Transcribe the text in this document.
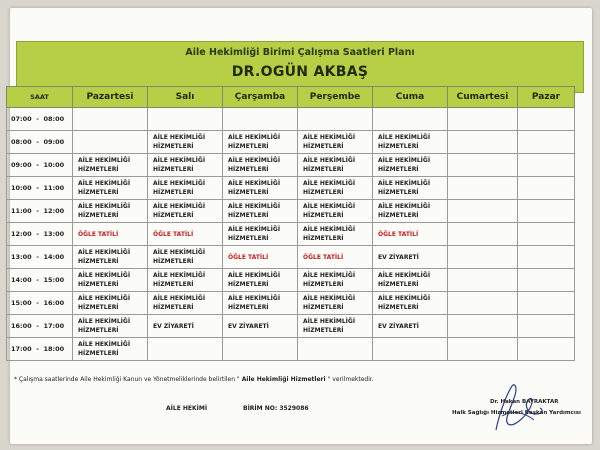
Aile Hekimliği Birimi Çalışma Saatleri Planı
DR.OGÜN AKBAŞ
SAAT	Pazartesi	Salı	Çarşamba	Perşembe	Cuma	Cumartesi	Pazar
07:00  -  08:00							
08:00  -  09:00		AİLE HEKİMLİĞİ
HİZMETLERİ	AİLE HEKİMLİĞİ
HİZMETLERİ	AİLE HEKİMLİĞİ
HİZMETLERİ	AİLE HEKİMLİĞİ
HİZMETLERİ		
09:00  -  10:00	AİLE HEKİMLİĞİ
HİZMETLERİ	AİLE HEKİMLİĞİ
HİZMETLERİ	AİLE HEKİMLİĞİ
HİZMETLERİ	AİLE HEKİMLİĞİ
HİZMETLERİ	AİLE HEKİMLİĞİ
HİZMETLERİ		
10:00  -  11:00	AİLE HEKİMLİĞİ
HİZMETLERİ	AİLE HEKİMLİĞİ
HİZMETLERİ	AİLE HEKİMLİĞİ
HİZMETLERİ	AİLE HEKİMLİĞİ
HİZMETLERİ	AİLE HEKİMLİĞİ
HİZMETLERİ		
11:00  -  12:00	AİLE HEKİMLİĞİ
HİZMETLERİ	AİLE HEKİMLİĞİ
HİZMETLERİ	AİLE HEKİMLİĞİ
HİZMETLERİ	AİLE HEKİMLİĞİ
HİZMETLERİ	AİLE HEKİMLİĞİ
HİZMETLERİ		
12:00  -  13:00	ÖĞLE TATİLİ	ÖĞLE TATİLİ	AİLE HEKİMLİĞİ
HİZMETLERİ	AİLE HEKİMLİĞİ
HİZMETLERİ	ÖĞLE TATİLİ		
13:00  -  14:00	AİLE HEKİMLİĞİ
HİZMETLERİ	AİLE HEKİMLİĞİ
HİZMETLERİ	ÖĞLE TATİLİ	ÖĞLE TATİLİ	EV ZİYARETİ		
14:00  -  15:00	AİLE HEKİMLİĞİ
HİZMETLERİ	AİLE HEKİMLİĞİ
HİZMETLERİ	AİLE HEKİMLİĞİ
HİZMETLERİ	AİLE HEKİMLİĞİ
HİZMETLERİ	AİLE HEKİMLİĞİ
HİZMETLERİ		
15:00  -  16:00	AİLE HEKİMLİĞİ
HİZMETLERİ	AİLE HEKİMLİĞİ
HİZMETLERİ	AİLE HEKİMLİĞİ
HİZMETLERİ	AİLE HEKİMLİĞİ
HİZMETLERİ	AİLE HEKİMLİĞİ
HİZMETLERİ		
16:00  -  17:00	AİLE HEKİMLİĞİ
HİZMETLERİ	EV ZİYARETİ	EV ZİYARETİ	AİLE HEKİMLİĞİ
HİZMETLERİ	EV ZİYARETİ		
17:00  -  18:00	AİLE HEKİMLİĞİ
HİZMETLERİ						
* Çalışma saatlerinde Aile Hekimliği Kanun ve Yönetmeliklerinde belirtilen " Aile Hekimliği Hizmetleri " verilmektedir.
AİLE HEKİMİ	BİRİM NO: 3529086
Dr. Hakan BAYRAKTAR
Halk Sağlığı Hizmetleri Başkan Yardımcısı
